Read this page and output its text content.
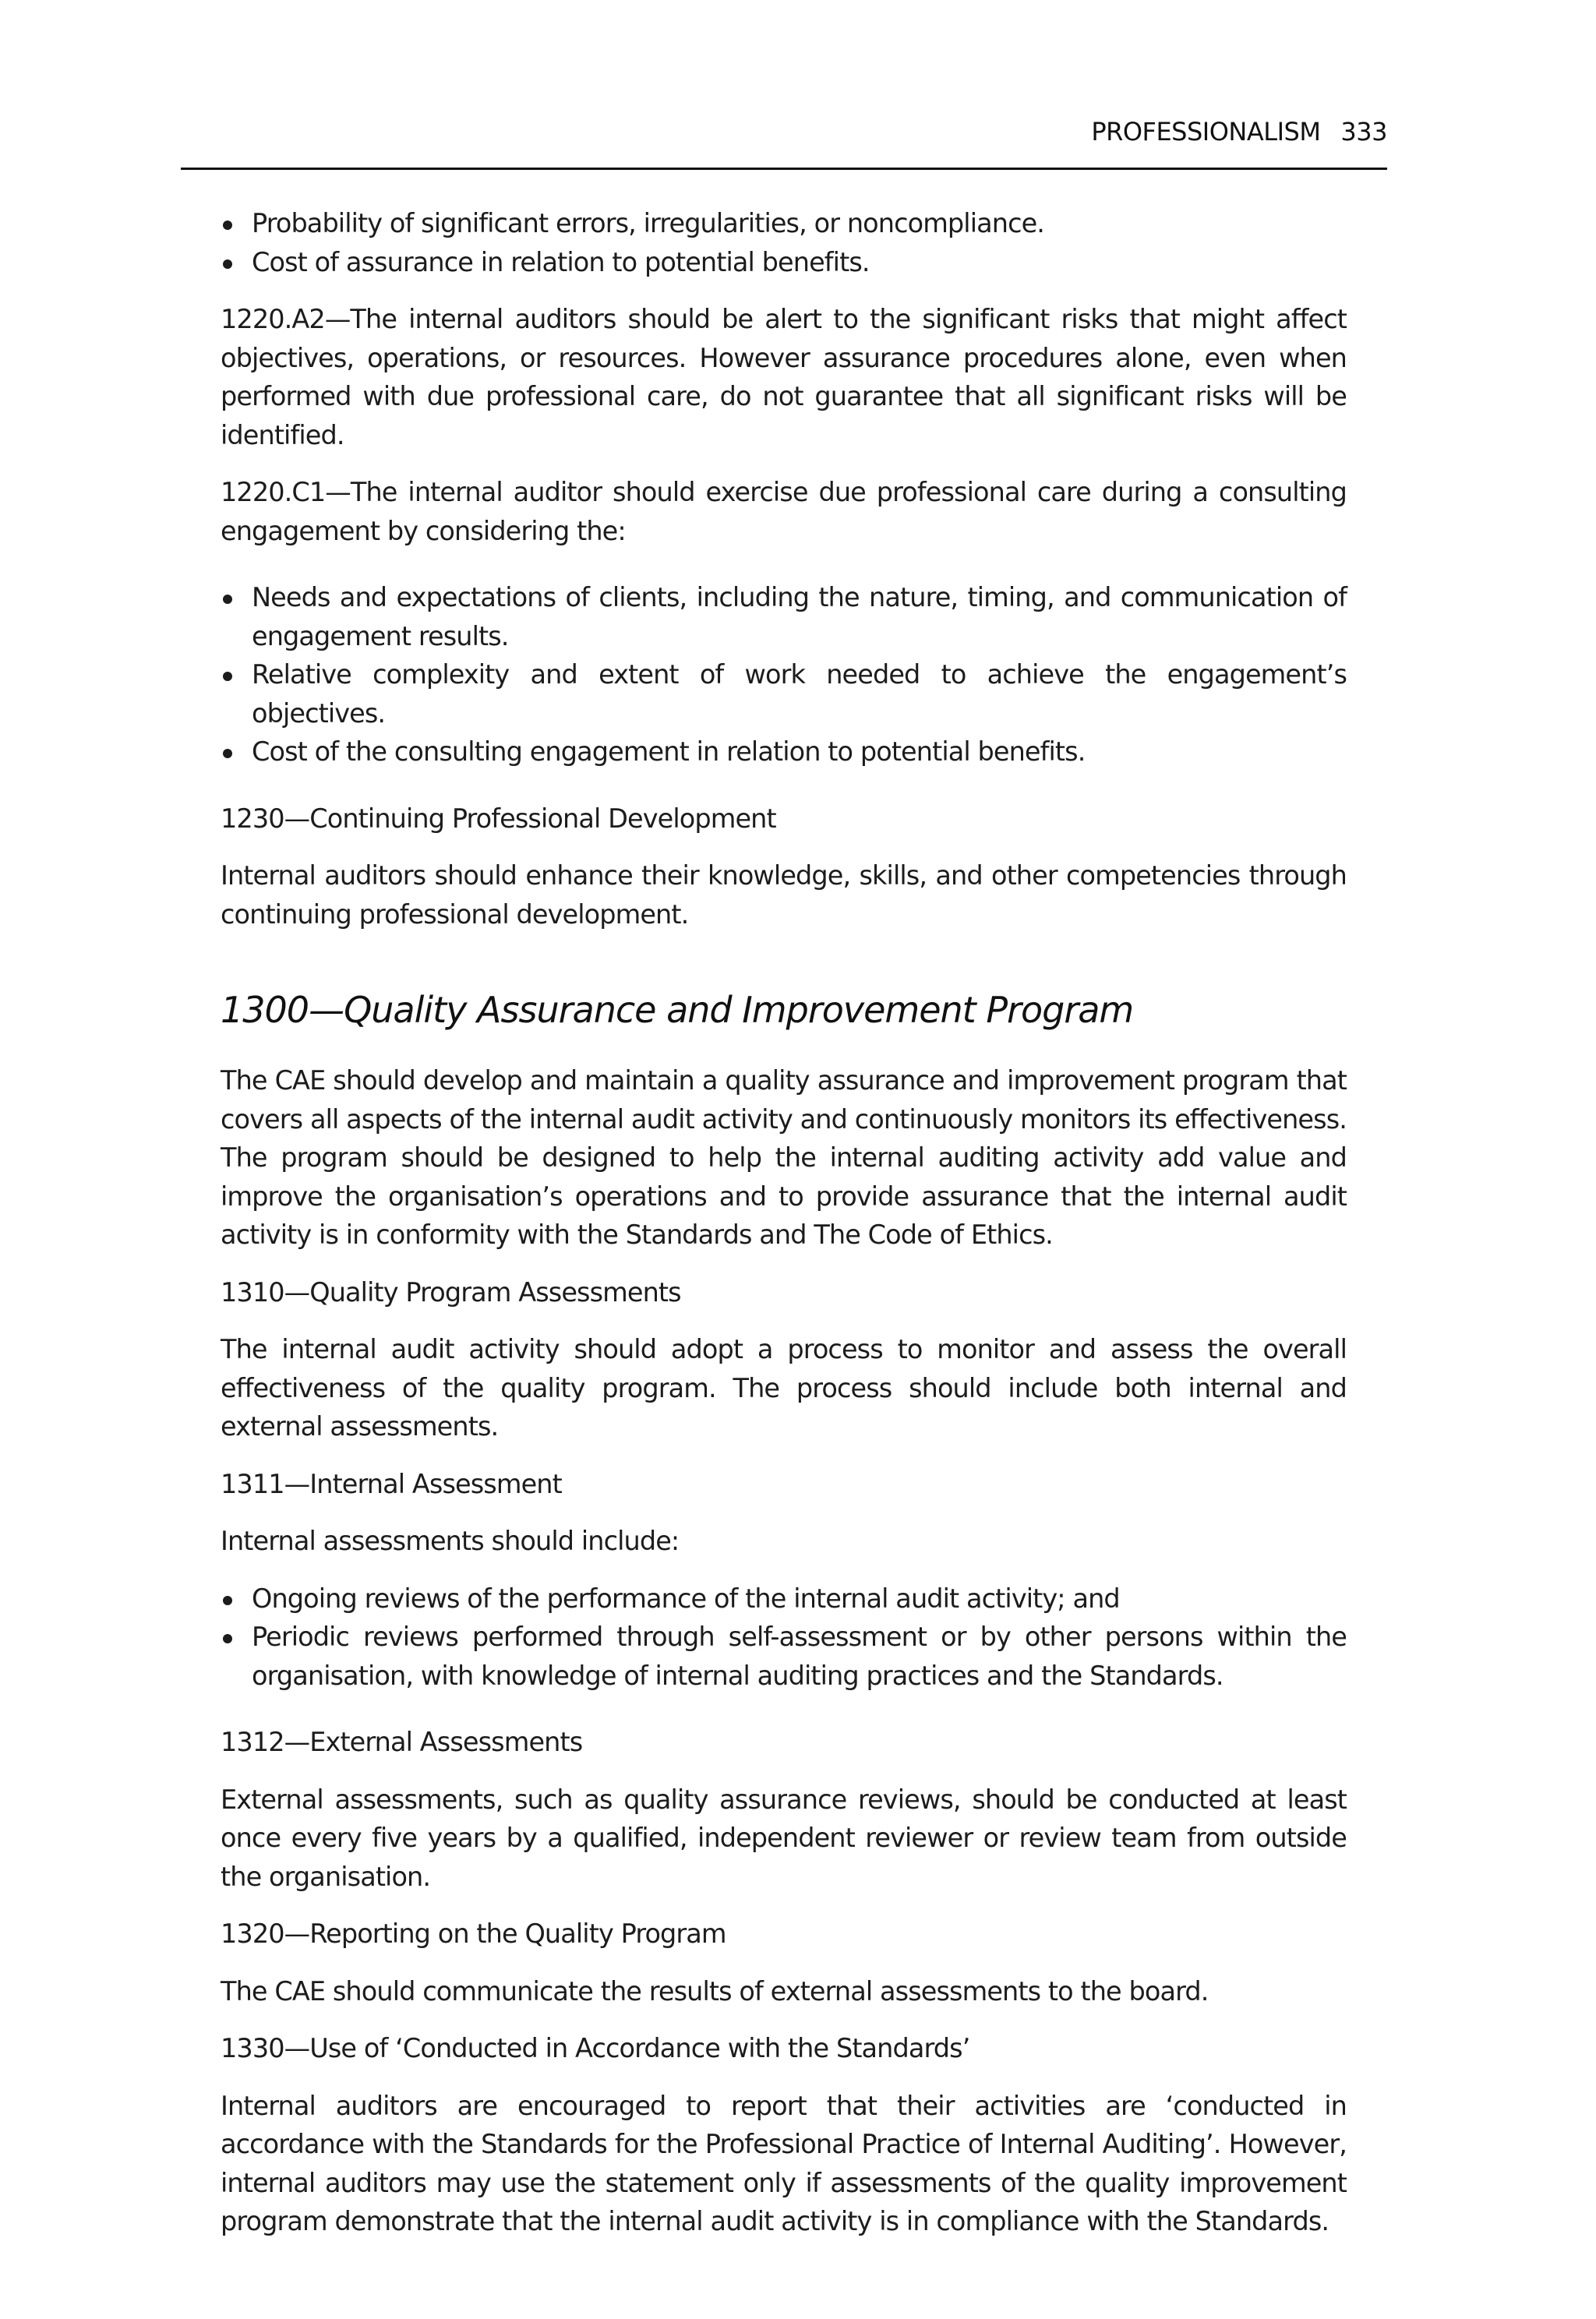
PROFESSIONALISM 333
Probability of significant errors, irregularities, or noncompliance.
Cost of assurance in relation to potential benefits.

1220.A2—The internal auditors should be alert to the significant risks that might affect objectives, operations, or resources. However assurance procedures alone, even when performed with due professional care, do not guarantee that all significant risks will be identified.

1220.C1—The internal auditor should exercise due professional care during a consulting engagement by considering the:

Needs and expectations of clients, including the nature, timing, and communication of engagement results.
Relative complexity and extent of work needed to achieve the engagement’s objectives.
Cost of the consulting engagement in relation to potential benefits.
1230—Continuing Professional Development

Internal auditors should enhance their knowledge, skills, and other competencies through continuing professional development.

1300—Quality Assurance and Improvement Program

The CAE should develop and maintain a quality assurance and improvement program that covers all aspects of the internal audit activity and continuously monitors its effectiveness. The program should be designed to help the internal auditing activity add value and improve the organisation’s operations and to provide assurance that the internal audit activity is in conformity with the Standards and The Code of Ethics.

1310—Quality Program Assessments

The internal audit activity should adopt a process to monitor and assess the overall effectiveness of the quality program. The process should include both internal and external assessments.

1311—Internal Assessment

Internal assessments should include:

Ongoing reviews of the performance of the internal audit activity; and
Periodic reviews performed through self-assessment or by other persons within the organisation, with knowledge of internal auditing practices and the Standards.
1312—External Assessments

External assessments, such as quality assurance reviews, should be conducted at least once every five years by a qualified, independent reviewer or review team from outside the organisation.

1320—Reporting on the Quality Program

The CAE should communicate the results of external assessments to the board.

1330—Use of ‘Conducted in Accordance with the Standards’

Internal auditors are encouraged to report that their activities are ‘conducted in accordance with the Standards for the Professional Practice of Internal Auditing’. However, internal auditors may use the statement only if assessments of the quality improvement program demonstrate that the internal audit activity is in compliance with the Standards.
